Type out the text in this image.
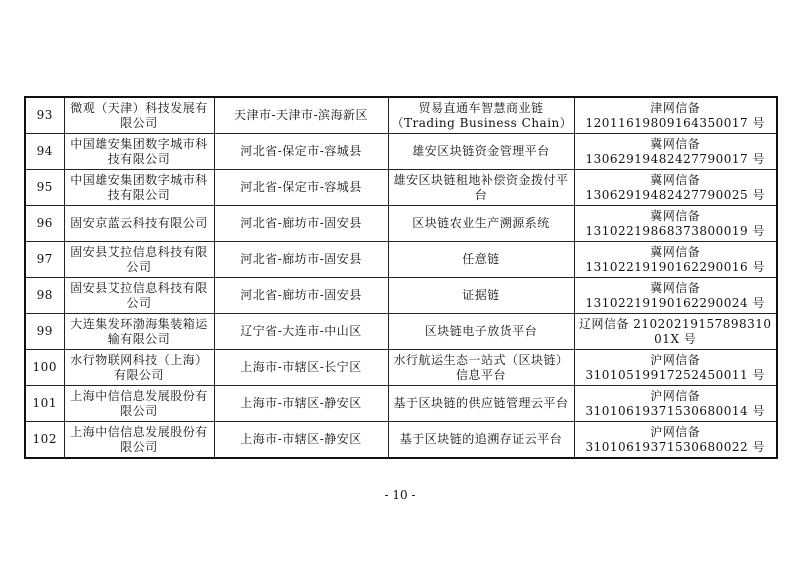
93	微观（天津）科技发展有限公司	天津市-天津市-滨海新区	贸易直通车智慧商业链（Trading Business Chain）	津网信备 12011619809164350017 号
94	中国雄安集团数字城市科技有限公司	河北省-保定市-容城县	雄安区块链资金管理平台	冀网信备 13062919482427790017 号
95	中国雄安集团数字城市科技有限公司	河北省-保定市-容城县	雄安区块链租地补偿资金拨付平台	冀网信备 13062919482427790025 号
96	固安京蓝云科技有限公司	河北省-廊坊市-固安县	区块链农业生产溯源系统	冀网信备 13102219868373800019 号
97	固安县艾拉信息科技有限公司	河北省-廊坊市-固安县	任意链	冀网信备 13102219190162290016 号
98	固安县艾拉信息科技有限公司	河北省-廊坊市-固安县	证据链	冀网信备 13102219190162290024 号
99	大连集发环渤海集装箱运输有限公司	辽宁省-大连市-中山区	区块链电子放货平台	辽网信备 21020219157898310​01X 号
100	水行物联网科技（上海）有限公司	上海市-市辖区-长宁区	水行航运生态一站式（区块链）信息平台	沪网信备 31010519917252450011 号
101	上海中信信息发展股份有限公司	上海市-市辖区-静安区	基于区块链的供应链管理云平台	沪网信备 31010619371530680014 号
102	上海中信信息发展股份有限公司	上海市-市辖区-静安区	基于区块链的追溯存证云平台	沪网信备 31010619371530680022 号
- 10 -
